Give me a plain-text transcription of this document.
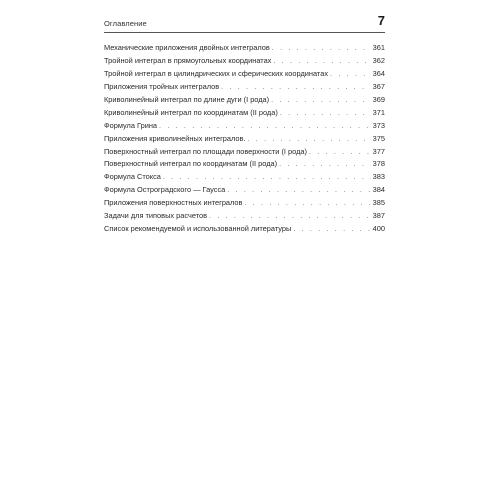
Оглавление	7
Механические приложения двойных интегралов . . .	361
Тройной интеграл в прямоугольных координатах . . .	362
Тройной интеграл в цилиндрических и сферических координатах . . .	364
Приложения тройных интегралов . . .	367
Криволинейный интеграл по длине дуги (I рода) . . .	369
Криволинейный интеграл по координатам (II рода) . . .	371
Формула Грина . . .	373
Приложения криволинейных интегралов. . . .	375
Поверхностный интеграл по площади поверхности (I рода) . . .	377
Поверхностный интеграл по координатам (II рода) . . .	378
Формула Стокса . . .	383
Формула Остроградского — Гаусса . . .	384
Приложения поверхностных интегралов . . .	385
Задачи для типовых расчетов . . .	387
Список рекомендуемой и использованной литературы . . .	400
